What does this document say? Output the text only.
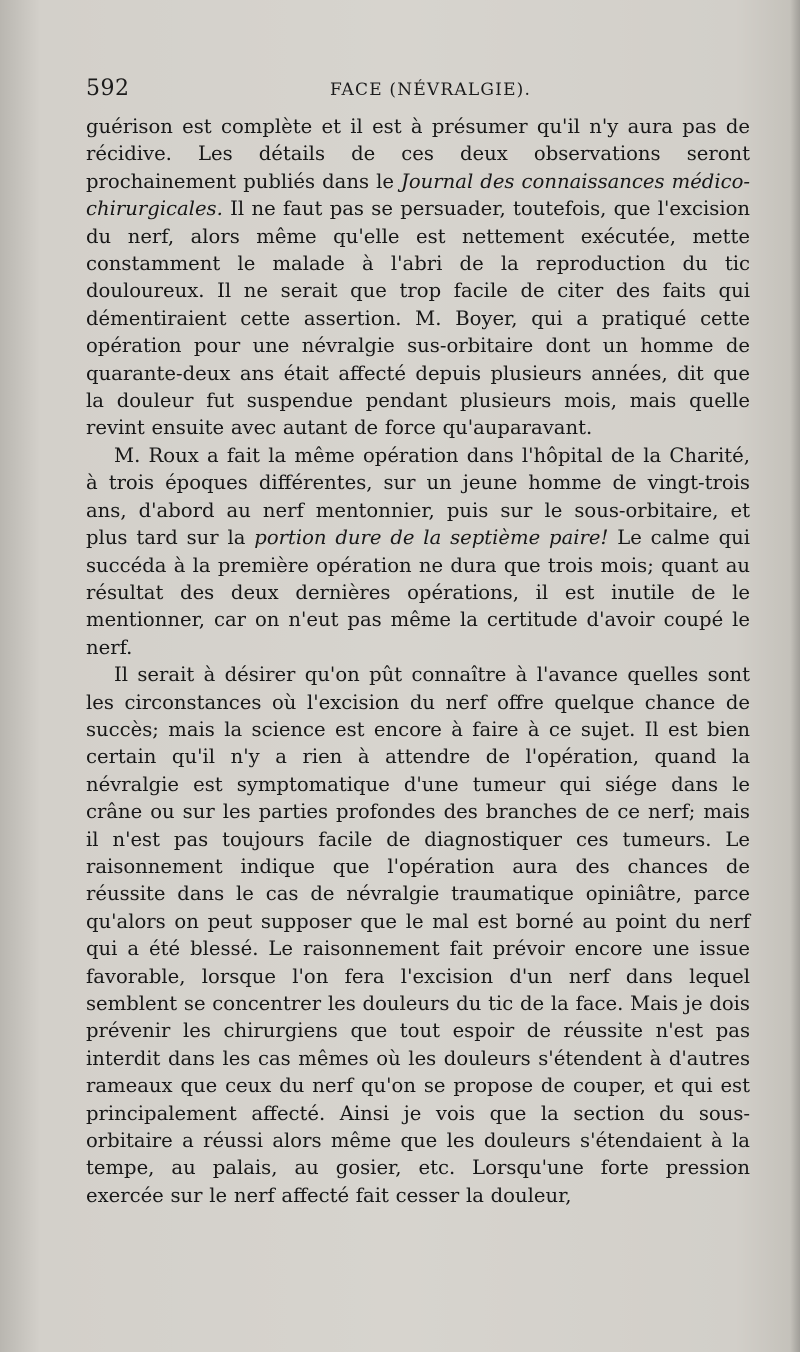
592	FACE (NÉVRALGIE).

guérison est complète et il est à présumer qu'il n'y aura pas de récidive. Les détails de ces deux observations seront prochainement publiés dans le Journal des connaissances médico-chirurgicales. Il ne faut pas se persuader, toutefois, que l'excision du nerf, alors même qu'elle est nettement exécutée, mette constamment le malade à l'abri de la reproduction du tic douloureux. Il ne serait que trop facile de citer des faits qui démentiraient cette assertion. M. Boyer, qui a pratiqué cette opération pour une névralgie sus-orbitaire dont un homme de quarante-deux ans était affecté depuis plusieurs années, dit que la douleur fut suspendue pendant plusieurs mois, mais quelle revint ensuite avec autant de force qu'auparavant.

M. Roux a fait la même opération dans l'hôpital de la Charité, à trois époques différentes, sur un jeune homme de vingt-trois ans, d'abord au nerf mentonnier, puis sur le sous-orbitaire, et plus tard sur la portion dure de la septième paire! Le calme qui succéda à la première opération ne dura que trois mois; quant au résultat des deux dernières opérations, il est inutile de le mentionner, car on n'eut pas même la certitude d'avoir coupé le nerf.

Il serait à désirer qu'on pût connaître à l'avance quelles sont les circonstances où l'excision du nerf offre quelque chance de succès; mais la science est encore à faire à ce sujet. Il est bien certain qu'il n'y a rien à attendre de l'opération, quand la névralgie est symptomatique d'une tumeur qui siége dans le crâne ou sur les parties profondes des branches de ce nerf; mais il n'est pas toujours facile de diagnostiquer ces tumeurs. Le raisonnement indique que l'opération aura des chances de réussite dans le cas de névralgie traumatique opiniâtre, parce qu'alors on peut supposer que le mal est borné au point du nerf qui a été blessé. Le raisonnement fait prévoir encore une issue favorable, lorsque l'on fera l'excision d'un nerf dans lequel semblent se concentrer les douleurs du tic de la face. Mais je dois prévenir les chirurgiens que tout espoir de réussite n'est pas interdit dans les cas mêmes où les douleurs s'étendent à d'autres rameaux que ceux du nerf qu'on se propose de couper, et qui est principalement affecté. Ainsi je vois que la section du sous-orbitaire a réussi alors même que les douleurs s'étendaient à la tempe, au palais, au gosier, etc. Lorsqu'une forte pression exercée sur le nerf affecté fait cesser la douleur,
